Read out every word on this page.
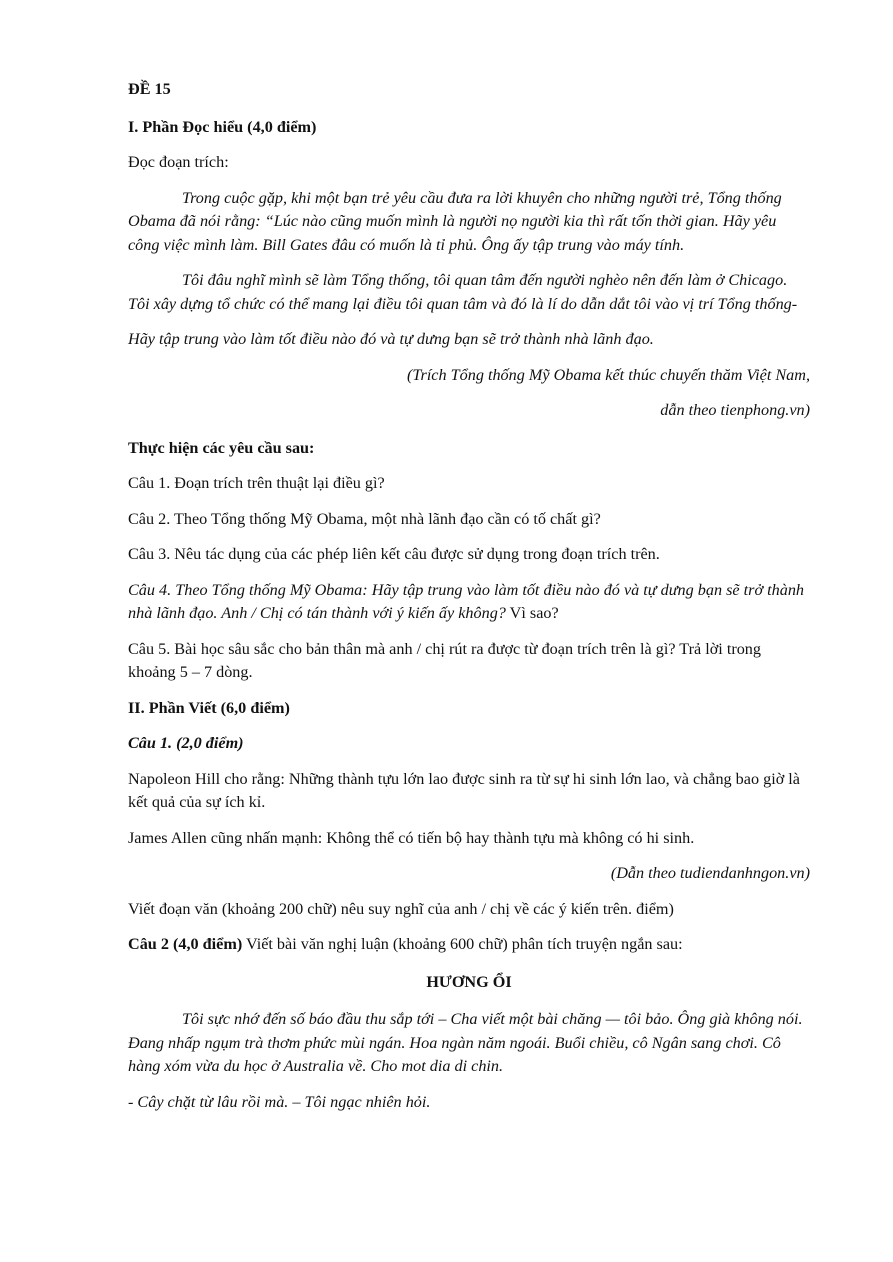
ĐỀ 15

I. Phần Đọc hiểu (4,0 điểm)

Đọc đoạn trích:

Trong cuộc gặp, khi một bạn trẻ yêu cầu đưa ra lời khuyên cho những người trẻ, Tổng thống Obama đã nói rằng: “Lúc nào cũng muốn mình là người nọ người kia thì rất tốn thời gian. Hãy yêu công việc mình làm. Bill Gates đâu có muốn là tỉ phủ. Ông ấy tập trung vào máy tính.

Tôi đâu nghĩ mình sẽ làm Tổng thống, tôi quan tâm đến người nghèo nên đến làm ở Chicago. Tôi xây dựng tổ chức có thể mang lại điều tôi quan tâm và đó là lí do dẫn dắt tôi vào vị trí Tổng thống-

Hãy tập trung vào làm tốt điều nào đó và tự dưng bạn sẽ trở thành nhà lãnh đạo.

(Trích Tổng thống Mỹ Obama kết thúc chuyến thăm Việt Nam,

dẫn theo tienphong.vn)

Thực hiện các yêu cầu sau:

Câu 1. Đoạn trích trên thuật lại điều gì?

Câu 2. Theo Tổng thống Mỹ Obama, một nhà lãnh đạo cần có tố chất gì?

Câu 3. Nêu tác dụng của các phép liên kết câu được sử dụng trong đoạn trích trên.

Câu 4. Theo Tổng thống Mỹ Obama: Hãy tập trung vào làm tốt điều nào đó và tự dưng bạn sẽ trở thành nhà lãnh đạo. Anh / Chị có tán thành với ý kiến ấy không? Vì sao?

Câu 5. Bài học sâu sắc cho bản thân mà anh / chị rút ra được từ đoạn trích trên là gì? Trả lời trong khoảng 5 – 7 dòng.

II. Phần Viết (6,0 điểm)

Câu 1. (2,0 điểm)

Napoleon Hill cho rằng: Những thành tựu lớn lao được sinh ra từ sự hi sinh lớn lao, và chẳng bao giờ là kết quả của sự ích kỉ.

James Allen cũng nhấn mạnh: Không thể có tiến bộ hay thành tựu mà không có hi sinh.

(Dẫn theo tudiendanhngon.vn)

Viết đoạn văn (khoảng 200 chữ) nêu suy nghĩ của anh / chị về các ý kiến trên. điểm)

Câu 2 (4,0 điểm) Viết bài văn nghị luận (khoảng 600 chữ) phân tích truyện ngắn sau:

HƯƠNG ỔI

Tôi sực nhớ đến số báo đầu thu sắp tới – Cha viết một bài chăng — tôi bảo. Ông già không nói. Đang nhấp ngụm trà thơm phức mùi ngán. Hoa ngàn năm ngoái. Buổi chiều, cô Ngân sang chơi. Cô hàng xóm vừa du học ở Australia về. Cho mot dia di chin.

- Cây chặt từ lâu rồi mà. – Tôi ngạc nhiên hỏi.
